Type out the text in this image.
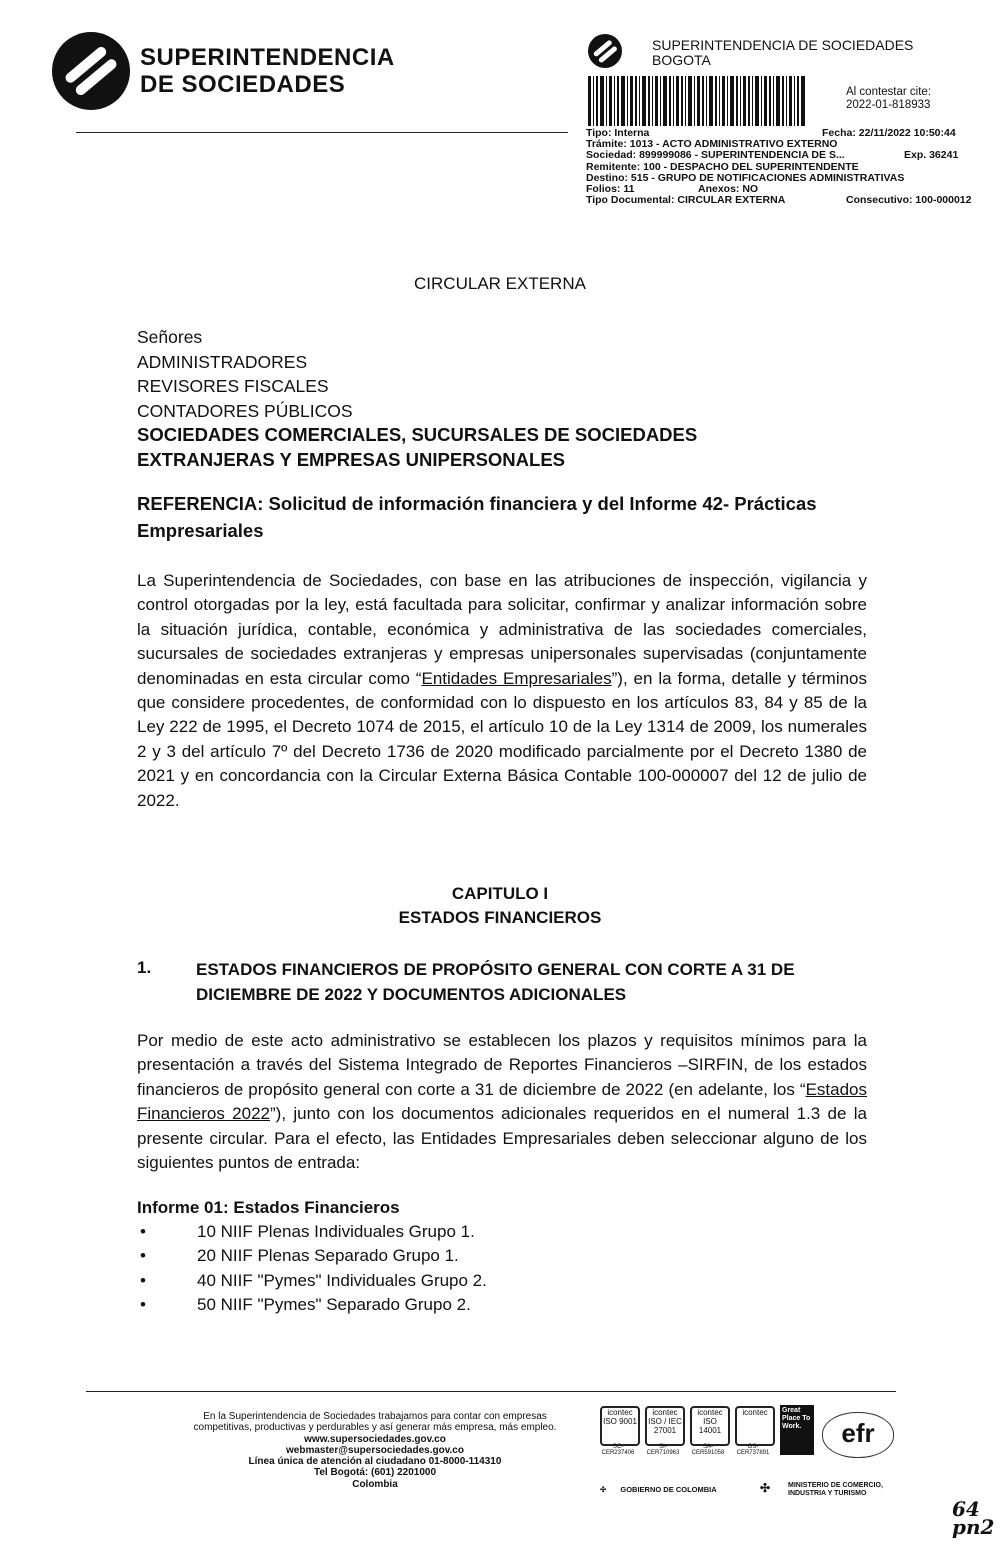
SUPERINTENDENCIA
DE SOCIEDADES
SUPERINTENDENCIA DE SOCIEDADES
BOGOTA
Al contestar cite:
2022-01-818933
Tipo: Interna	Fecha: 22/11/2022 10:50:44
Trámite: 1013 - ACTO ADMINISTRATIVO EXTERNO
Sociedad: 899999086 - SUPERINTENDENCIA DE S...	Exp. 36241
Remitente: 100 - DESPACHO DEL SUPERINTENDENTE
Destino: 515 - GRUPO DE NOTIFICACIONES ADMINISTRATIVAS
Folios: 11	Anexos: NO
Tipo Documental: CIRCULAR EXTERNA	Consecutivo: 100-000012
CIRCULAR EXTERNA
Señores
ADMINISTRADORES
REVISORES FISCALES
CONTADORES PÚBLICOS
SOCIEDADES COMERCIALES, SUCURSALES DE SOCIEDADES
EXTRANJERAS Y EMPRESAS UNIPERSONALES
REFERENCIA: Solicitud de información financiera y del Informe 42- Prácticas
Empresariales
La Superintendencia de Sociedades, con base en las atribuciones de inspección, vigilancia y control otorgadas por la ley, está facultada para solicitar, confirmar y analizar información sobre la situación jurídica, contable, económica y administrativa de las sociedades comerciales, sucursales de sociedades extranjeras y empresas unipersonales supervisadas (conjuntamente denominadas en esta circular como “Entidades Empresariales”), en la forma, detalle y términos que considere procedentes, de conformidad con lo dispuesto en los artículos 83, 84 y 85 de la Ley 222 de 1995, el Decreto 1074 de 2015, el artículo 10 de la Ley 1314 de 2009, los numerales 2 y 3 del artículo 7º del Decreto 1736 de 2020 modificado parcialmente por el Decreto 1380 de 2021 y en concordancia con la Circular Externa Básica Contable 100-000007 del 12 de julio de 2022.
CAPITULO I
ESTADOS FINANCIEROS
1.	ESTADOS FINANCIEROS DE PROPÓSITO GENERAL CON CORTE A 31 DE DICIEMBRE DE 2022 Y DOCUMENTOS ADICIONALES
Por medio de este acto administrativo se establecen los plazos y requisitos mínimos para la presentación a través del Sistema Integrado de Reportes Financieros –SIRFIN, de los estados financieros de propósito general con corte a 31 de diciembre de 2022 (en adelante, los “Estados Financieros 2022”), junto con los documentos adicionales requeridos en el numeral 1.3 de la presente circular. Para el efecto, las Entidades Empresariales deben seleccionar alguno de los siguientes puntos de entrada:
Informe 01: Estados Financieros
•	10 NIIF Plenas Individuales Grupo 1.
•	20 NIIF Plenas Separado Grupo 1.
•	40 NIIF "Pymes" Individuales Grupo 2.
•	50 NIIF "Pymes" Separado Grupo 2.
En la Superintendencia de Sociedades trabajamos para contar con empresas
competitivas, productivas y perdurables y así generar más empresa, más empleo.
www.supersociedades.gov.co
webmaster@supersociedades.gov.co
Línea única de atención al ciudadano 01-8000-114310
Tel Bogotá: (601) 2201000
Colombia
icontec
ISO 9001
icontec
ISO / IEC 27001
icontec
ISO 14001
icontec
SC-CER237406
SI-CER710963
SA-CER591058
OS-CER737891
Great Place To Work.	efr
✣ GOBIERNO DE COLOMBIA	✣	MINISTERIO DE COMERCIO,
INDUSTRIA Y TURISMO
64 pn2
